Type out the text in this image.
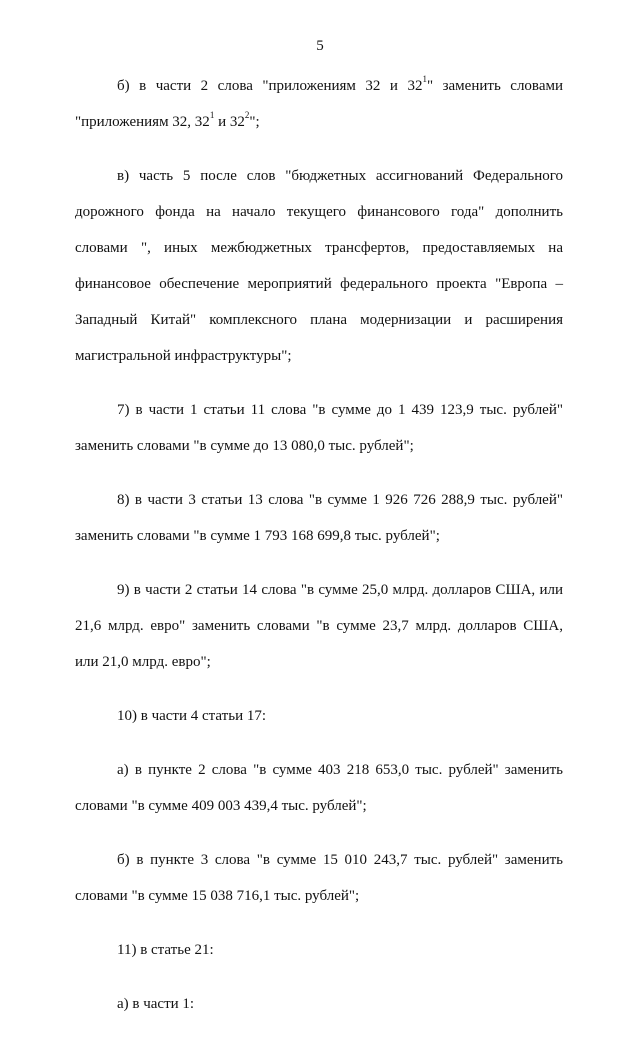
5
б) в части 2 слова "приложениям 32 и $32^1$" заменить словами
"приложениям 32, $32^1$ и $32^2$";
в) часть 5 после слов "бюджетных ассигнований Федерального
дорожного фонда на начало текущего финансового года" дополнить
словами ", иных межбюджетных трансфертов, предоставляемых на
финансовое обеспечение мероприятий федерального проекта "Европа –
Западный Китай" комплексного плана модернизации и расширения
магистральной инфраструктуры";
7) в части 1 статьи 11 слова "в сумме до 1 439 123,9 тыс. рублей"
заменить словами "в сумме до 13 080,0 тыс. рублей";
8) в части 3 статьи 13 слова "в сумме 1 926 726 288,9 тыс. рублей"
заменить словами "в сумме 1 793 168 699,8 тыс. рублей";
9) в части 2 статьи 14 слова "в сумме 25,0 млрд. долларов США, или
21,6 млрд. евро" заменить словами "в сумме 23,7 млрд. долларов США,
или 21,0 млрд. евро";
10) в части 4 статьи 17:
а) в пункте 2 слова "в сумме 403 218 653,0 тыс. рублей" заменить
словами "в сумме 409 003 439,4 тыс. рублей";
б) в пункте 3 слова "в сумме 15 010 243,7 тыс. рублей" заменить
словами "в сумме 15 038 716,1 тыс. рублей";
11) в статье 21:
а) в части 1:
